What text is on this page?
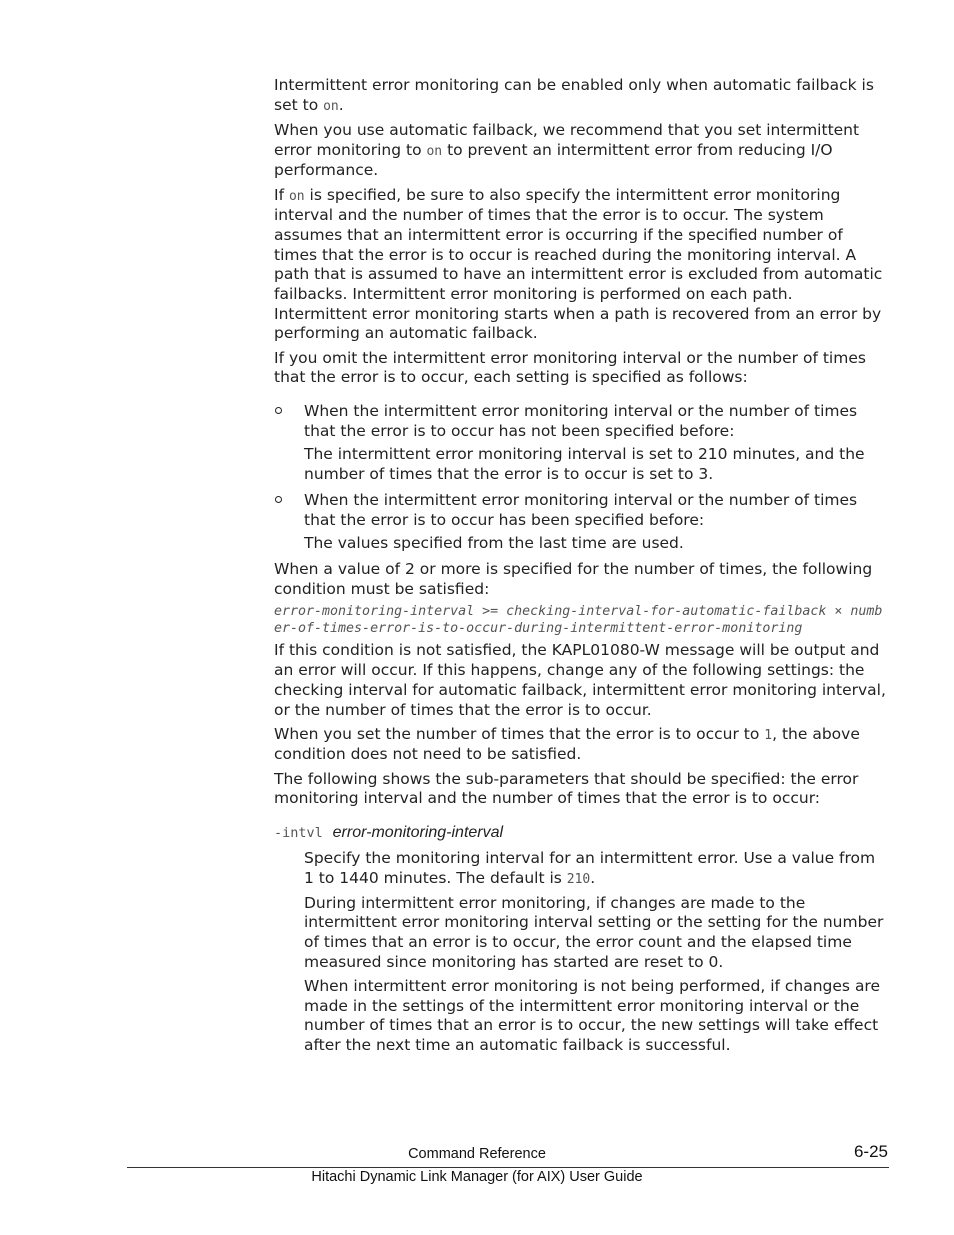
Intermittent error monitoring can be enabled only when automatic failback is set to on.

When you use automatic failback, we recommend that you set intermittent error monitoring to on to prevent an intermittent error from reducing I/O performance.

If on is specified, be sure to also specify the intermittent error monitoring interval and the number of times that the error is to occur. The system assumes that an intermittent error is occurring if the specified number of times that the error is to occur is reached during the monitoring interval. A path that is assumed to have an intermittent error is excluded from automatic failbacks. Intermittent error monitoring is performed on each path. Intermittent error monitoring starts when a path is recovered from an error by performing an automatic failback.

If you omit the intermittent error monitoring interval or the number of times that the error is to occur, each setting is specified as follows:

When the intermittent error monitoring interval or the number of times that the error is to occur has not been specified before:

The intermittent error monitoring interval is set to 210 minutes, and the number of times that the error is to occur is set to 3.

When the intermittent error monitoring interval or the number of times that the error is to occur has been specified before:

The values specified from the last time are used.

When a value of 2 or more is specified for the number of times, the following condition must be satisfied:

error-monitoring-interval >= checking-interval-for-automatic-failback × number-of-times-error-is-to-occur-during-intermittent-error-monitoring

If this condition is not satisfied, the KAPL01080-W message will be output and an error will occur. If this happens, change any of the following settings: the checking interval for automatic failback, intermittent error monitoring interval, or the number of times that the error is to occur.

When you set the number of times that the error is to occur to 1, the above condition does not need to be satisfied.

The following shows the sub-parameters that should be specified: the error monitoring interval and the number of times that the error is to occur:

-intvl error-monitoring-interval

Specify the monitoring interval for an intermittent error. Use a value from 1 to 1440 minutes. The default is 210.

During intermittent error monitoring, if changes are made to the intermittent error monitoring interval setting or the setting for the number of times that an error is to occur, the error count and the elapsed time measured since monitoring has started are reset to 0.

When intermittent error monitoring is not being performed, if changes are made in the settings of the intermittent error monitoring interval or the number of times that an error is to occur, the new settings will take effect after the next time an automatic failback is successful.

Command Reference	6-25
Hitachi Dynamic Link Manager (for AIX) User Guide
